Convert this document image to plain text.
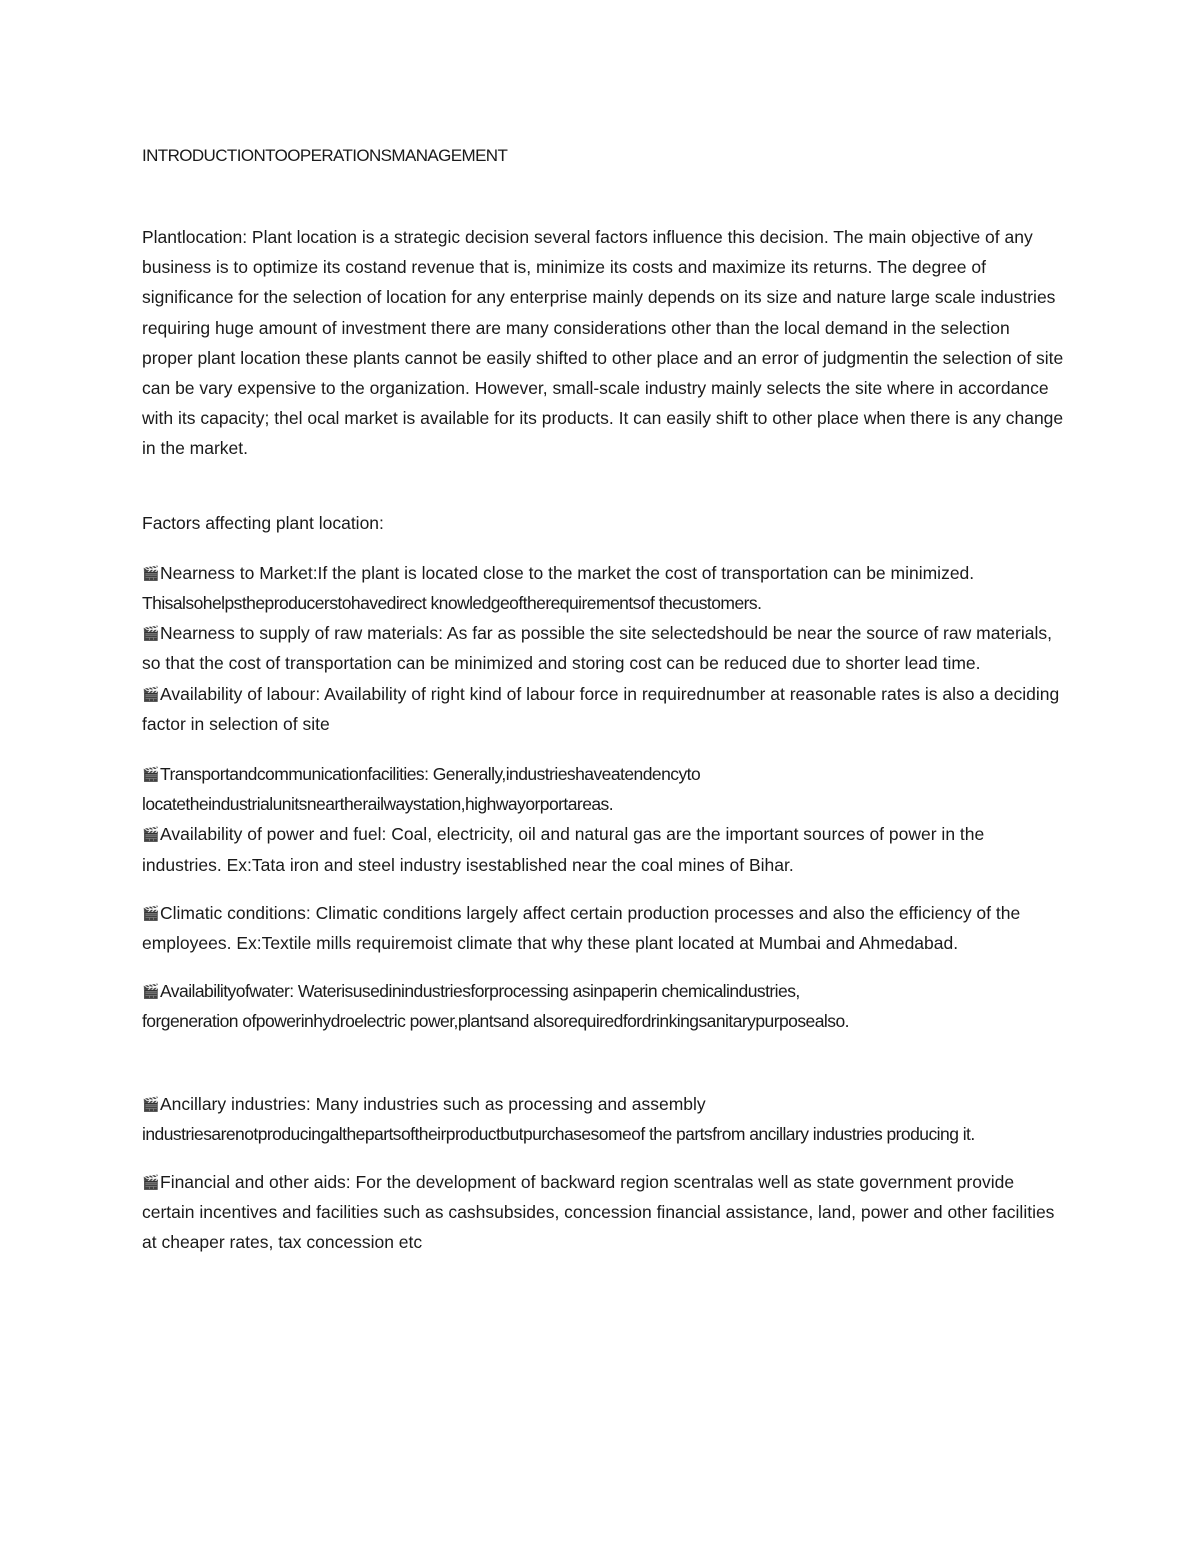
INTRODUCTIONTOOPERATIONSMANAGEMENT

Plantlocation: Plant location is a strategic decision several factors influence this decision. The main objective of any business is to optimize its costand revenue that is, minimize its costs and maximize its returns. The degree of significance for the selection of location for any enterprise mainly depends on its size and nature large scale industries requiring huge amount of investment there are many considerations other than the local demand in the selection proper plant location these plants cannot be easily shifted to other place and an error of judgmentin the selection of site can be vary expensive to the organization. However, small-scale industry mainly selects the site where in accordance with its capacity; thel ocal market is available for its products. It can easily shift to other place when there is any change in the market.

Factors affecting plant location:

🎬Nearness to Market:If the plant is located close to the market the cost of transportation can be minimized. Thisalsohelpstheproducerstohavedirect knowledgeoftherequirementsof thecustomers.
🎬Nearness to supply of raw materials: As far as possible the site selectedshould be near the source of raw materials, so that the cost of transportation can be minimized and storing cost can be reduced due to shorter lead time.
🎬Availability of labour: Availability of right kind of labour force in requirednumber at reasonable rates is also a deciding factor in selection of site
🎬Transportandcommunicationfacilities: Generally,industrieshaveatendencyto
locatetheindustrialunitsneartherailwaystation,highwayorportareas.
🎬Availability of power and fuel: Coal, electricity, oil and natural gas are the important sources of power in the industries. Ex:Tata iron and steel industry isestablished near the coal mines of Bihar.
🎬Climatic conditions: Climatic conditions largely affect certain production processes and also the efficiency of the employees. Ex:Textile mills requiremoist climate that why these plant located at Mumbai and Ahmedabad.
🎬Availabilityofwater: Waterisusedinindustriesforprocessing asinpaperin chemicalindustries,
forgeneration ofpowerinhydroelectric power,plantsand alsorequiredfordrinkingsanitarypurposealso.
🎬Ancillary industries: Many industries such as processing and assembly
industriesarenotproducingalthepartsoftheirproductbutpurchasesomeof the partsfrom ancillary industries producing it.
🎬Financial and other aids: For the development of backward region scentralas well as state government provide certain incentives and facilities such as cashsubsides, concession financial assistance, land, power and other facilities at cheaper rates, tax concession etc
